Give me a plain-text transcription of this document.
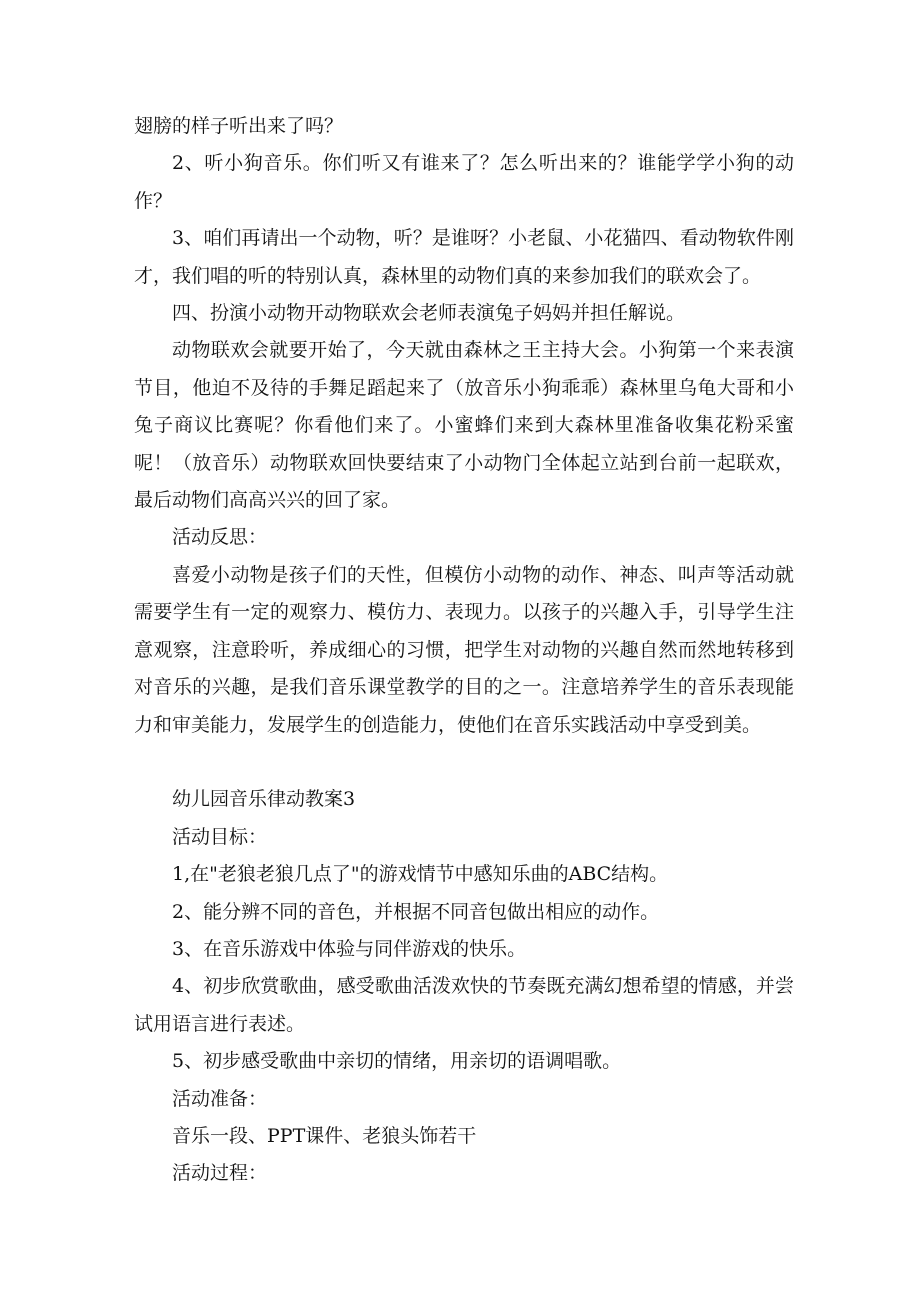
翅膀的样子听出来了吗？

2、听小狗音乐。你们听又有谁来了？怎么听出来的？谁能学学小狗的动作？

3、咱们再请出一个动物，听？是谁呀？小老鼠、小花猫四、看动物软件刚才，我们唱的听的特别认真，森林里的动物们真的来参加我们的联欢会了。

四、扮演小动物开动物联欢会老师表演兔子妈妈并担任解说。

动物联欢会就要开始了，今天就由森林之王主持大会。小狗第一个来表演节目，他迫不及待的手舞足蹈起来了（放音乐小狗乖乖）森林里乌龟大哥和小兔子商议比赛呢？你看他们来了。小蜜蜂们来到大森林里准备收集花粉采蜜呢！（放音乐）动物联欢回快要结束了小动物门全体起立站到台前一起联欢，最后动物们高高兴兴的回了家。

活动反思：

喜爱小动物是孩子们的天性，但模仿小动物的动作、神态、叫声等活动就需要学生有一定的观察力、模仿力、表现力。以孩子的兴趣入手，引导学生注意观察，注意聆听，养成细心的习惯，把学生对动物的兴趣自然而然地转移到对音乐的兴趣，是我们音乐课堂教学的目的之一。注意培养学生的音乐表现能力和审美能力，发展学生的创造能力，使他们在音乐实践活动中享受到美。

幼儿园音乐律动教案3

活动目标：

1,在"老狼老狼几点了"的游戏情节中感知乐曲的ABC结构。

2、能分辨不同的音色，并根据不同音包做出相应的动作。

3、在音乐游戏中体验与同伴游戏的快乐。

4、初步欣赏歌曲，感受歌曲活泼欢快的节奏既充满幻想希望的情感，并尝试用语言进行表述。

5、初步感受歌曲中亲切的情绪，用亲切的语调唱歌。

活动准备：

音乐一段、PPT课件、老狼头饰若干

活动过程：
